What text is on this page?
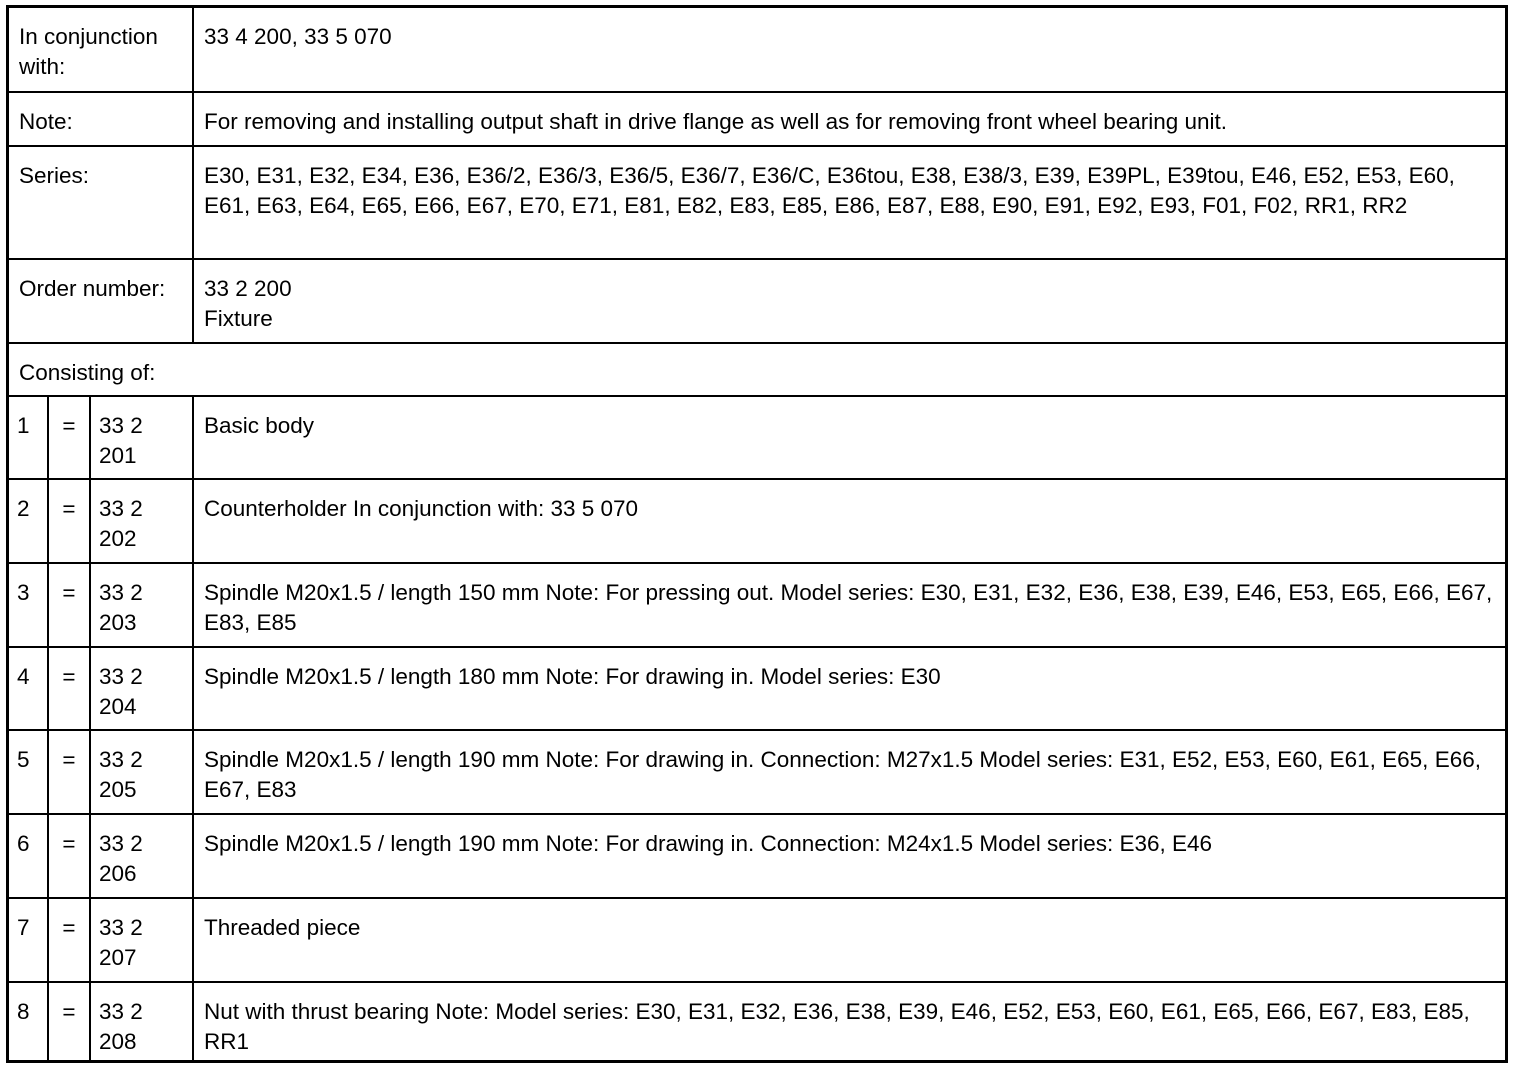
In conjunction with:			33 4 200, 33 5 070
Note:			For removing and installing output shaft in drive flange as well as for removing front wheel bearing unit.
Series:			E30, E31, E32, E34, E36, E36/2, E36/3, E36/5, E36/7, E36/C, E36tou, E38, E38/3, E39, E39PL, E39tou, E46, E52, E53, E60, E61, E63, E64, E65, E66, E67, E70, E71, E81, E82, E83, E85, E86, E87, E88, E90, E91, E92, E93, F01, F02, RR1, RR2
Order number:			33 2 200
Fixture
Consisting of:			
1	=	33 2 201	Basic body
2	=	33 2 202	Counterholder In conjunction with: 33 5 070
3	=	33 2 203	Spindle M20x1.5 / length 150 mm Note: For pressing out. Model series: E30, E31, E32, E36, E38, E39, E46, E53, E65, E66, E67, E83, E85
4	=	33 2 204	Spindle M20x1.5 / length 180 mm Note: For drawing in. Model series: E30
5	=	33 2 205	Spindle M20x1.5 / length 190 mm Note: For drawing in. Connection: M27x1.5 Model series: E31, E52, E53, E60, E61, E65, E66, E67, E83
6	=	33 2 206	Spindle M20x1.5 / length 190 mm Note: For drawing in. Connection: M24x1.5 Model series: E36, E46
7	=	33 2 207	Threaded piece
8	=	33 2 208	Nut with thrust bearing Note: Model series: E30, E31, E32, E36, E38, E39, E46, E52, E53, E60, E61, E65, E66, E67, E83, E85, RR1
